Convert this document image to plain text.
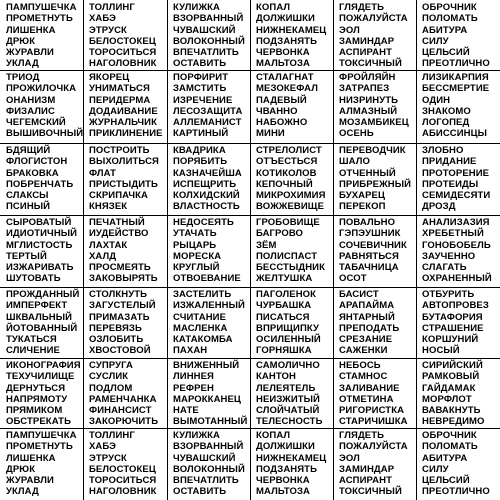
ПАМПУШЕЧКА
ПРОМЕТНУТЬ
ЛИШЕНКА
ДРЮК
ЖУРАВЛИ
УКЛАД
ТОЛЛИНГ
ХАБЭ
ЭТРУСК
БЕЛОСТОКЕЦ
ТОРОСИТЬСЯ
НАГОЛОВНИК
КУЛИЖКА
ВЗОРВАННЫЙ
ЧУВАШСКИЙ
ВОЛОКОННЫЙ
ВПЕЧАТЛИТЬ
ОСТАВИТЬ
КОПАЛ
ДОЛЖИШКИ
НИЖНЕКАМЕЦ
ПОДЗАНЯТЬ
ЧЕРВОНКА
МАЛЬТОЗА
ГЛЯДЕТЬ
ПОЖАЛУЙСТА
ЭОЛ
ЗАМИНДАР
АСПИРАНТ
ТОКСИЧНЫЙ
ОБРОЧНИК
ПОЛОМАТЬ
АБИТУРА
СИЛУ
ЦЕЛЬСИЙ
ПРЕОТЛИЧНО
ТРИОД
ПРОЖИЛОЧКА
ОНАНИЗМ
ФИЗАЛИС
ЧЕГЕМСКИЙ
ВЫШИВОЧНЫЙ
ЯКОРЕЦ
УНИМАТЬСЯ
ПЕРИДЕРМА
ДОДАИВАНИЕ
ЖУРНАЛЬЧИК
ПРИКЛИНЕНИЕ
ПОРФИРИТ
ЗАМСТИТЬ
ИЗРЕЧЕНИЕ
ЛЕСОЗАЩИТА
АЛЛЕМАНИСТ
КАРТИНЫЙ
СТАЛАГНАТ
МЕЗОКЕФАЛ
ПАДЕВЫЙ
ЧВАННО
НАБОЖНО
МИНИ
ФРОЙЛЯЙН
ЗАТРАПЕЗ
НИЗРИНУТЬ
АЛМАЗНЫЙ
МОЗАМБИКЕЦ
ОСЕНЬ
ЛИЗИКАРПИЯ
БЕССМЕРТИЕ
ОДИН
ЗНАКОМО
ЛОГОПЕД
АБИССИНЦЫ
БДЯЩИЙ
ФЛОГИСТОН
БРАКОВКА
ПОБРЕНЧАТЬ
СЛАКСЫ
ПСИНЫЙ
ПОСТРОИТЬ
ВЫХОЛИТЬСЯ
ФЛАТ
ПРИСТЫДИТЬ
СКРИПАЧКА
КНЯЗЕК
КВАДРИКА
ПОРЯБИТЬ
КАЗНАЧЕЙША
ИСПЕЩРИТЬ
КОЛХИДСКИЙ
ВЛАСТНОСТЬ
СТРЕЛОЛИСТ
ОТЪЕСТЬСЯ
КОТИКОЛОВ
КЕПОЧНЫЙ
МИКРОХИМИЯ
ВОЖЖЕВИЩЕ
ПЕРЕВОДЧИК
ШАЛО
ОТЧЕННЫЙ
ПРИБРЕЖНЫЙ
БУХАРЕЦ
ПЕРЕКОП
ЗЛОБНО
ПРИДАНИЕ
ПРОТОРЕНИЕ
ПРОТЕИДЫ
СЕМИДЕСЯТИ
ДРОЗД
СЫРОВАТЫЙ
ИДИОТИЧНЫЙ
МГЛИСТОСТЬ
ТЕРТЫЙ
ИЗЖАРИВАТЬ
ШУТОВАТЬ
ПЕЧАТНЫЙ
ИУДЕЙСТВО
ЛАХТАК
ХАЛД
ПРОСМЕЯТЬ
ЗАКОВЫРЯТЬ
НЕДОСЕЯТЬ
УТАЧАТЬ
РЫЦАРЬ
МОРЕСКА
КРУГЛЫЙ
ОТВОЕВАНИЕ
ГРОБОВИЩЕ
БАГРОВО
ЗЁМ
ПОЛИСПАСТ
БЕССТЫДНИК
ЖЕЛТУШКА
ПОВАЛЬНО
ГЭПЭУШНИК
СОЧЕВИЧНИК
РАВНЯТЬСЯ
ТАБАЧНИЦА
ОСОТ
АНАЛИЗАЗИЯ
ХРЕБЕТНЫЙ
ГОНОБОБЕЛЬ
ЗАУЧЕННО
СЛАГАТЬ
ОХРАНЕННЫЙ
ПРОЖДАННЫЙ
ИМПЕРФЕКТ
ШКВАЛЬНЫЙ
ЙОТОВАННЫЙ
ТУКАТЬСЯ
СЛИЧЕНИЕ
СТОЛКНУТЬ
ЗАГУСТЕЛЫЙ
ПРИМАЗАТЬ
ПЕРЕВЯЗЬ
ОЗЛОБИТЬ
ХВОСТОВОЙ
ЗАСТЕЛИТЬ
ИЗЖАЛЕННЫЙ
СЧИТАНИЕ
МАСЛЕНКА
КАТАКОМБА
ПАХАН
ПАГОЛЕНОК
ЧУРБАШКА
ПИСАТЬСЯ
ВПРИЩИПКУ
ОСИЛЕННЫЙ
ГОРНЯШКА
БАСИСТ
АРАПАЙМА
ЯНТАРНЫЙ
ПРЕПОДАТЬ
СРЕЗАНИЕ
САЖЕНКИ
ОТБУРИТЬ
АВТОПРОВЕЗ
БУТАФОРИЯ
СТРАШЕНИЕ
КОРШУНИЙ
НОСЫЙ
ИКОНОГРАФИЯ
ТЕХУЧИЛИЩЕ
ДЕРНУТЬСЯ
НАПРЯМОТУ
ПРЯМИКОМ
ОБСТРЕКАТЬ
СУПРУГА
СУСЛИК
ПОДЛОМ
РАМЕНЧАНКА
ФИНАНСИСТ
ЗАКОРЮЧИТЬ
ВНИЖЕННЫЙ
ЛИННЕЯ
РЕФРЕН
МАРОККАНЕЦ
НАТЕ
ВЫМОТАННЫЙ
САМОЛИЧНО
КАНТОН
ЛЕЛЕЯТЕЛЬ
НЕИЗЖИТЫЙ
СЛОЙЧАТЫЙ
ТЕЛЕСНОСТЬ
НЕБОСЬ
СТАМНОС
ЗАЛИВАНИЕ
ОТМЕТИНА
РИГОРИСТКА
СТАРИЧИШКА
СИРИЙСКИЙ
РАМКОВЫЙ
ГАЙДАМАК
МОРФЛОТ
ВАВАКНУТЬ
НЕВРЕДИМО
ПАМПУШЕЧКА
ПРОМЕТНУТЬ
ЛИШЕНКА
ДРЮК
ЖУРАВЛИ
УКЛАД
ТОЛЛИНГ
ХАБЭ
ЭТРУСК
БЕЛОСТОКЕЦ
ТОРОСИТЬСЯ
НАГОЛОВНИК
КУЛИЖКА
ВЗОРВАННЫЙ
ЧУВАШСКИЙ
ВОЛОКОННЫЙ
ВПЕЧАТЛИТЬ
ОСТАВИТЬ
КОПАЛ
ДОЛЖИШКИ
НИЖНЕКАМЕЦ
ПОДЗАНЯТЬ
ЧЕРВОНКА
МАЛЬТОЗА
ГЛЯДЕТЬ
ПОЖАЛУЙСТА
ЭОЛ
ЗАМИНДАР
АСПИРАНТ
ТОКСИЧНЫЙ
ОБРОЧНИК
ПОЛОМАТЬ
АБИТУРА
СИЛУ
ЦЕЛЬСИЙ
ПРЕОТЛИЧНО
